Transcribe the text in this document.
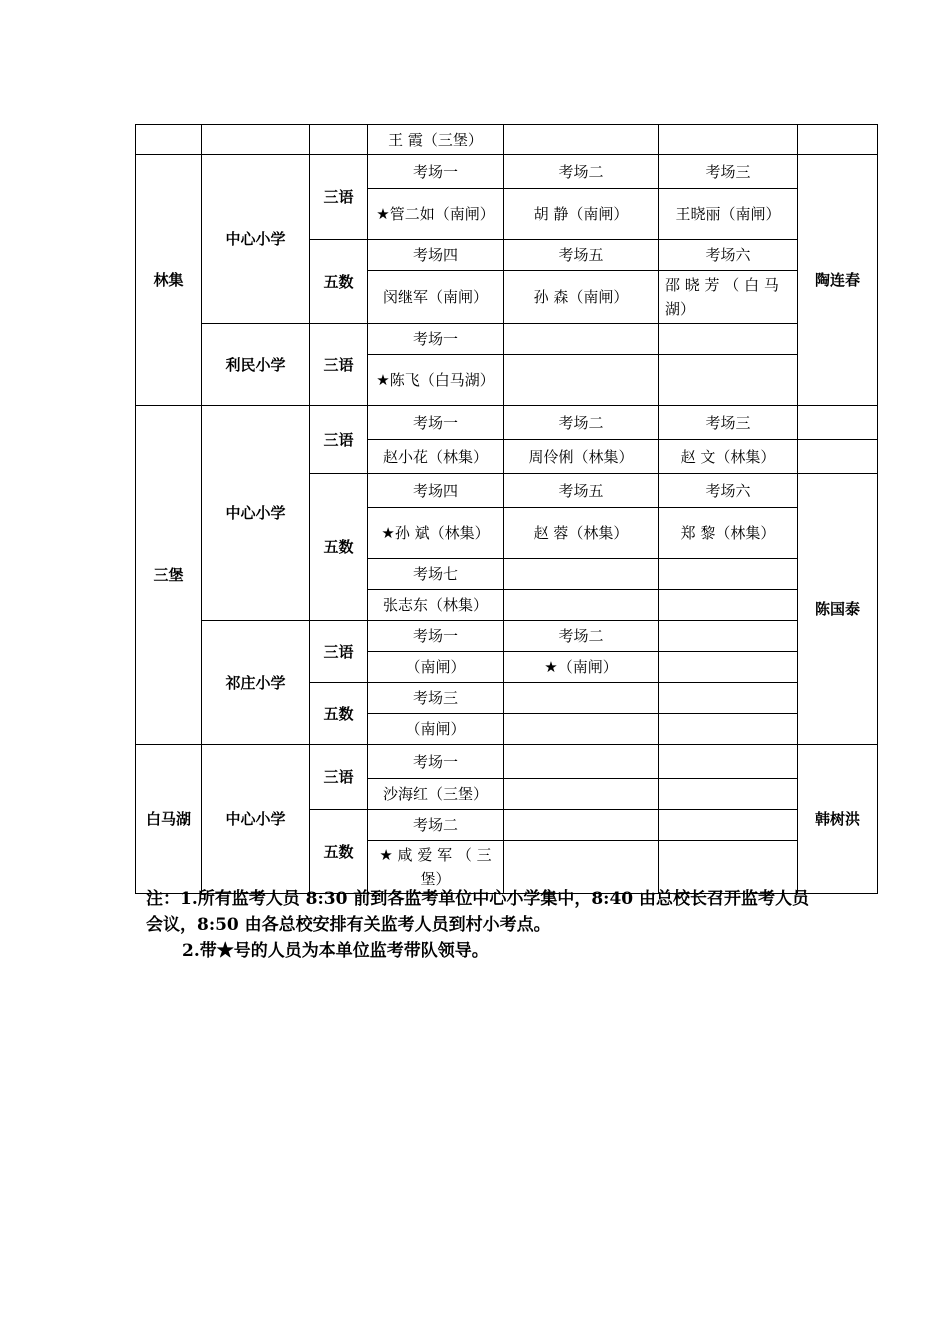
			王 霞（三堡）			
林集	中心小学	三语	考场一	考场二	考场三	陶连春
			★管二如（南闸）	胡 静（南闸）	王晓丽（南闸）	
		五数	考场四	考场五	考场六	
			闵继军（南闸）	孙 森（南闸）	邵 晓 芳 （ 白 马 湖）	
	利民小学	三语	考场一			
			★陈飞（白马湖）			
三堡	中心小学	三语	考场一	考场二	考场三	
			赵小花（林集）	周伶俐（林集）	赵 文（林集）	
		五数	考场四	考场五	考场六	陈国泰
			★孙 斌（林集）	赵 蓉（林集）	郑 黎（林集）	
			考场七			
			张志东（林集）			
	祁庄小学	三语	考场一	考场二		
			（南闸）	★（南闸）		
		五数	考场三			
			（南闸）			
白马湖	中心小学	三语	考场一			韩树洪
			沙海红（三堡）			
		五数	考场二			
			★ 咸 爱 军 （ 三 堡）			

注：1.所有监考人员 8:30 前到各监考单位中心小学集中，8:40 由总校长召开监考人员会议，8:50 由各总校安排有关监考人员到村小考点。

2.带★号的人员为本单位监考带队领导。
